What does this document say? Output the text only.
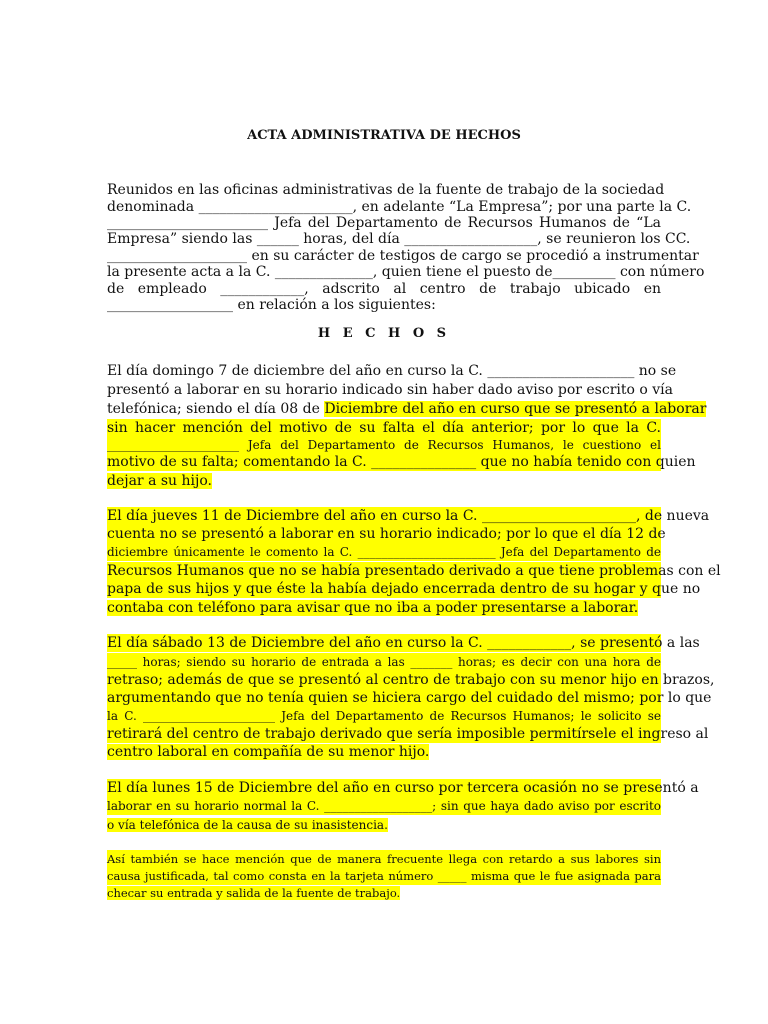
ACTA ADMINISTRATIVA DE HECHOS
Reunidos en las oficinas administrativas de la fuente de trabajo de la sociedad
denominada ______________________, en adelante “La Empresa”; por una parte la C.
_______________________ Jefa del Departamento de Recursos Humanos de “La
Empresa” siendo las ______ horas, del día ___________________, se reunieron los CC.
____________________ en su carácter de testigos de cargo se procedió a instrumentar
la presente acta a la C. ______________, quien tiene el puesto de_________ con número
de empleado ____________, adscrito al centro de trabajo ubicado en
__________________ en relación a los siguientes:
H E C H O S
El día domingo 7 de diciembre del año en curso la C. _____________________ no se
presentó a laborar en su horario indicado sin haber dado aviso por escrito o vía
telefónica; siendo el día 08 de Diciembre del año en curso que se presentó a laborar
sin hacer mención del motivo de su falta el día anterior; por lo que la C.
______________________ Jefa del Departamento de Recursos Humanos, le cuestiono el
motivo de su falta; comentando la C. _______________ que no había tenido con quien
dejar a su hijo.
El día jueves 11 de Diciembre del año en curso la C. ______________________, de nueva
cuenta no se presentó a laborar en su horario indicado; por lo que el día 12 de
diciembre únicamente le comento la C. _______________________ Jefa del Departamento de
Recursos Humanos que no se había presentado derivado a que tiene problemas con el
papa de sus hijos y que éste la había dejado encerrada dentro de su hogar y que no
contaba con teléfono para avisar que no iba a poder presentarse a laborar.
El día sábado 13 de Diciembre del año en curso la C. ____________, se presentó a las
_____ horas; siendo su horario de entrada a las _______ horas; es decir con una hora de
retraso; además de que se presentó al centro de trabajo con su menor hijo en brazos,
argumentando que no tenía quien se hiciera cargo del cuidado del mismo; por lo que
la C. ______________________ Jefa del Departamento de Recursos Humanos; le solicito se
retirará del centro de trabajo derivado que sería imposible permitírsele el ingreso al
centro laboral en compañía de su menor hijo.
El día lunes 15 de Diciembre del año en curso por tercera ocasión no se presentó a
laborar en su horario normal la C. __________________; sin que haya dado aviso por escrito
o vía telefónica de la causa de su inasistencia.
Así también se hace mención que de manera frecuente llega con retardo a sus labores sin
causa justificada, tal como consta en la tarjeta número _____ misma que le fue asignada para
checar su entrada y salida de la fuente de trabajo.
